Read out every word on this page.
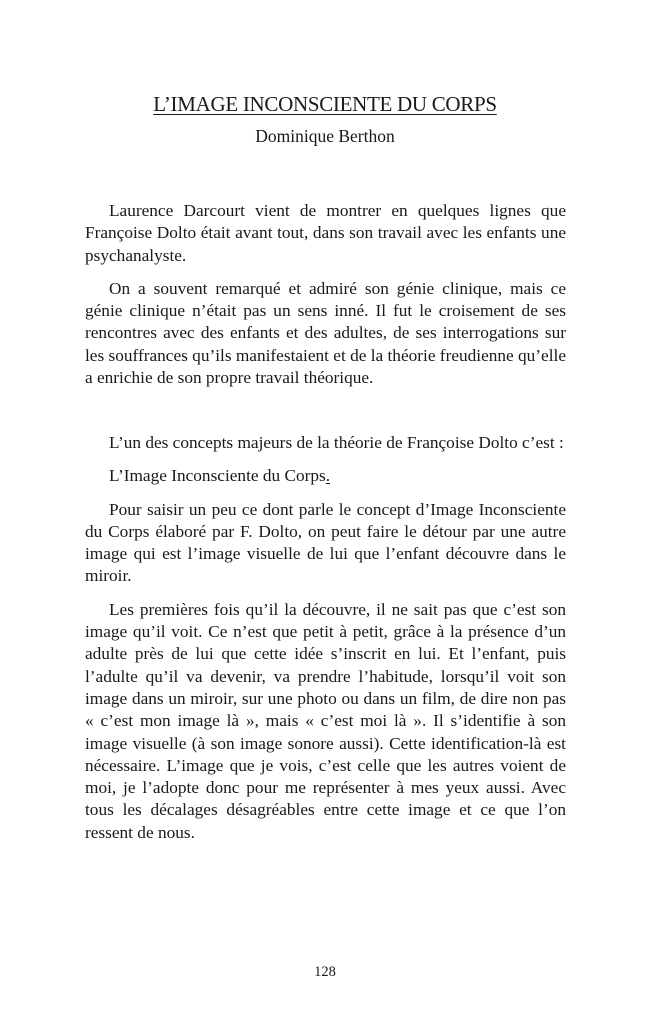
L’IMAGE INCONSCIENTE DU CORPS

Dominique Berthon

Laurence Darcourt vient de montrer en quelques lignes que Françoise Dolto était avant tout, dans son travail avec les enfants une psychanalyste.

On a souvent remarqué et admiré son génie clinique, mais ce génie clinique n’était pas un sens inné. Il fut le croisement de ses rencontres avec des enfants et des adultes, de ses interrogations sur les souffrances qu’ils manifestaient et de la théorie freudienne qu’elle a enrichie de son propre travail théorique.

L’un des concepts majeurs de la théorie de Françoise Dolto c’est :

L’Image Inconsciente du Corps.

Pour saisir un peu ce dont parle le concept d’Image Inconsciente du Corps élaboré par F. Dolto, on peut faire le détour par une autre image qui est l’image visuelle de lui que l’enfant découvre dans le miroir.

Les premières fois qu’il la découvre, il ne sait pas que c’est son image qu’il voit. Ce n’est que petit à petit, grâce à la présence d’un adulte près de lui que cette idée s’inscrit en lui. Et l’enfant, puis l’adulte qu’il va devenir, va prendre l’habitude, lorsqu’il voit son image dans un miroir, sur une photo ou dans un film, de dire non pas « c’est mon image là », mais « c’est moi là ». Il s’identifie à son image visuelle (à son image sonore aussi). Cette identification-là est nécessaire. L’image que je vois, c’est celle que les autres voient de moi, je l’adopte donc pour me représenter à mes yeux aussi. Avec tous les décalages désagréables entre cette image et ce que l’on ressent de nous.

128
